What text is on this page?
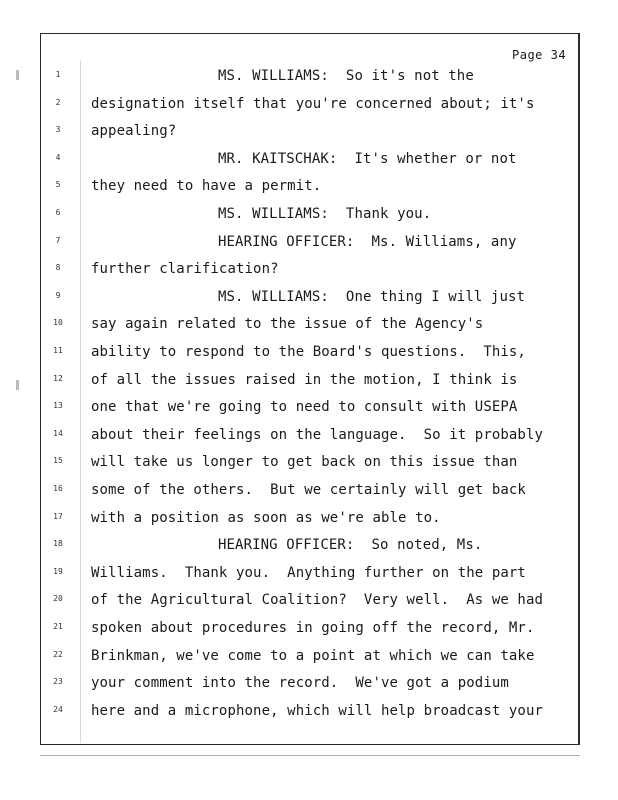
Page 34
1	MS. WILLIAMS:  So it's not the
2	designation itself that you're concerned about; it's
3	appealing?
4	MR. KAITSCHAK:  It's whether or not
5	they need to have a permit.
6	MS. WILLIAMS:  Thank you.
7	HEARING OFFICER:  Ms. Williams, any
8	further clarification?
9	MS. WILLIAMS:  One thing I will just
10	say again related to the issue of the Agency's
11	ability to respond to the Board's questions.  This,
12	of all the issues raised in the motion, I think is
13	one that we're going to need to consult with USEPA
14	about their feelings on the language.  So it probably
15	will take us longer to get back on this issue than
16	some of the others.  But we certainly will get back
17	with a position as soon as we're able to.
18	HEARING OFFICER:  So noted, Ms.
19	Williams.  Thank you.  Anything further on the part
20	of the Agricultural Coalition?  Very well.  As we had
21	spoken about procedures in going off the record, Mr.
22	Brinkman, we've come to a point at which we can take
23	your comment into the record.  We've got a podium
24	here and a microphone, which will help broadcast your
